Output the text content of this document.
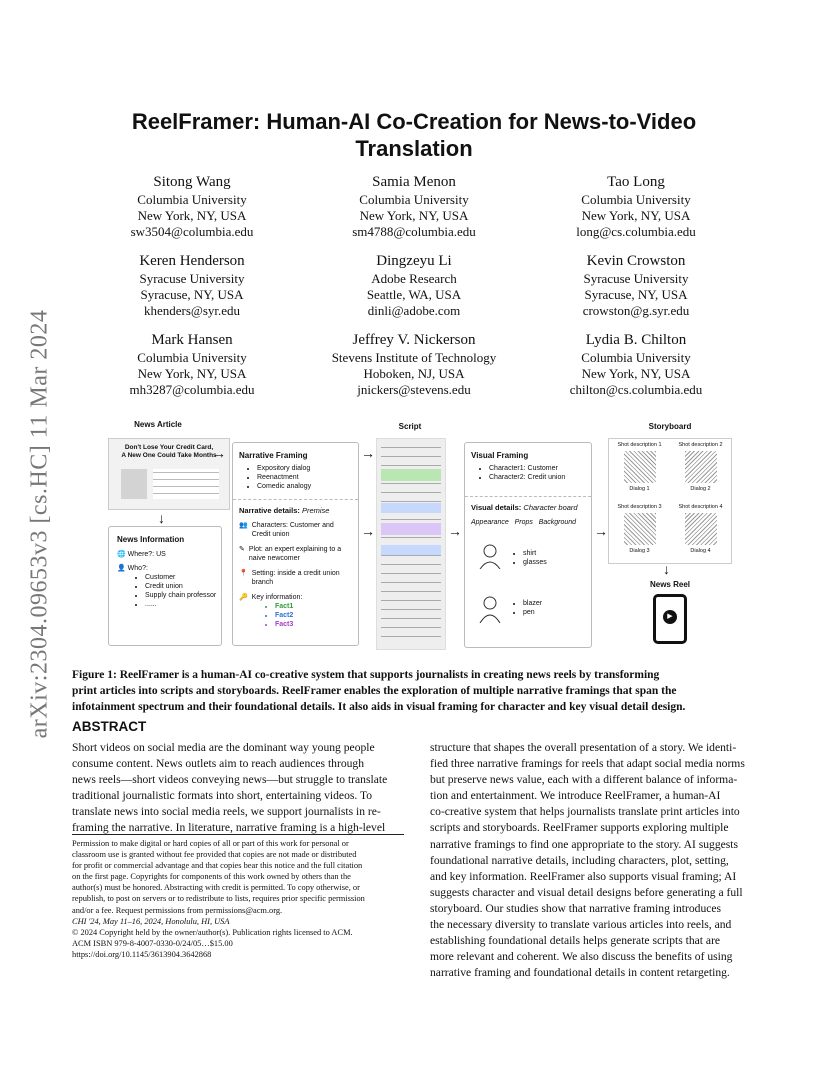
arXiv:2304.09653v3 [cs.HC] 11 Mar 2024
ReelFramer: Human-AI Co-Creation for News-to-Video
Translation
Sitong Wang
Columbia University
New York, NY, USA
sw3504@columbia.edu
Samia Menon
Columbia University
New York, NY, USA
sm4788@columbia.edu
Tao Long
Columbia University
New York, NY, USA
long@cs.columbia.edu
Keren Henderson
Syracuse University
Syracuse, NY, USA
khenders@syr.edu
Dingzeyu Li
Adobe Research
Seattle, WA, USA
dinli@adobe.com
Kevin Crowston
Syracuse University
Syracuse, NY, USA
crowston@g.syr.edu
Mark Hansen
Columbia University
New York, NY, USA
mh3287@columbia.edu
Jeffrey V. Nickerson
Stevens Institute of Technology
Hoboken, NJ, USA
jnickers@stevens.edu
Lydia B. Chilton
Columbia University
New York, NY, USA
chilton@cs.columbia.edu
News Article
Don't Lose Your Credit Card,
A New One Could Take Months
↓
News Information
🌐 Where?: US
👤 Who?:
• Customer
• Credit union
• Supply chain professor
• ......
→ Narrative Framing
• Expository dialog
• Reenactment
• Comedic analogy
Narrative details: Premise
👥 Characters: Customer and Credit union
✎ Plot: an expert explaining to a naive newcomer
📍 Setting: inside a credit union branch
🔑 Key information:
• Fact1
• Fact2
• Fact3
→
→
Script
→
Visual Framing
• Character1: Customer
• Character2: Credit union
Visual details: Character board
Appearance   Props   Background
• shirt
• glasses
• blazer
• pen
→
Storyboard
Shot description 1
Dialog 1
Shot description 2
Dialog 2
Shot description 3
Dialog 3
Shot description 4
Dialog 4
↓
News Reel
▶
Figure 1: ReelFramer is a human-AI co-creative system that supports journalists in creating news reels by transforming
print articles into scripts and storyboards. ReelFramer enables the exploration of multiple narrative framings that span the
infotainment spectrum and their foundational details. It also aids in visual framing for character and key visual detail design.
ABSTRACT
Short videos on social media are the dominant way young people
consume content. News outlets aim to reach audiences through
news reels—short videos conveying news—but struggle to translate
traditional journalistic formats into short, entertaining videos. To
translate news into social media reels, we support journalists in re-
framing the narrative. In literature, narrative framing is a high-level
Permission to make digital or hard copies of all or part of this work for personal or
classroom use is granted without fee provided that copies are not made or distributed
for profit or commercial advantage and that copies bear this notice and the full citation
on the first page. Copyrights for components of this work owned by others than the
author(s) must be honored. Abstracting with credit is permitted. To copy otherwise, or
republish, to post on servers or to redistribute to lists, requires prior specific permission
and/or a fee. Request permissions from permissions@acm.org.
CHI '24, May 11–16, 2024, Honolulu, HI, USA
© 2024 Copyright held by the owner/author(s). Publication rights licensed to ACM.
ACM ISBN 979-8-4007-0330-0/24/05…$15.00
https://doi.org/10.1145/3613904.3642868
structure that shapes the overall presentation of a story. We identi-
fied three narrative framings for reels that adapt social media norms
but preserve news value, each with a different balance of informa-
tion and entertainment. We introduce ReelFramer, a human-AI
co-creative system that helps journalists translate print articles into
scripts and storyboards. ReelFramer supports exploring multiple
narrative framings to find one appropriate to the story. AI suggests
foundational narrative details, including characters, plot, setting,
and key information. ReelFramer also supports visual framing; AI
suggests character and visual detail designs before generating a full
storyboard. Our studies show that narrative framing introduces
the necessary diversity to translate various articles into reels, and
establishing foundational details helps generate scripts that are
more relevant and coherent. We also discuss the benefits of using
narrative framing and foundational details in content retargeting.
